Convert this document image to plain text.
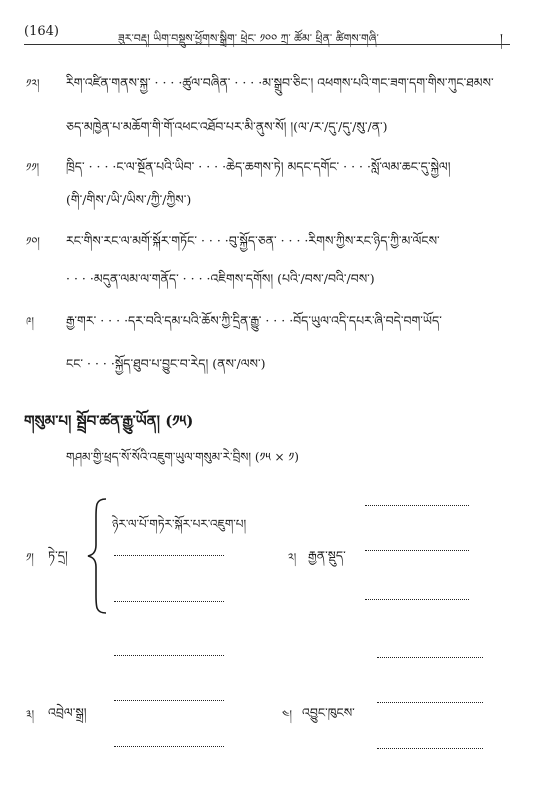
(164)	ཟུར་བརྡ། ཡིག་བསྡུས་ཕྱོགས་སྒྲིག་ ཕྲེང་ ༡༠༠ ཀྲ་ ཚོམ་ ཕྲིན་ ཚིགས་གཞི་	།
༡༢། རིག་འཛིན་གནས་སྐྱ་ · · · ·ཚུལ་བཞིན་ · · · ·མ་སྒྲུབ་ཅིང་། འཕགས་པའི་གང་ཟག་དག་གིས་ཀུང་ཐམས་
ཅད་མཁྱེན་པ་མཆོག་གི་གོ་འཕང་འཐོབ་པར་མི་ནུས་སོ། །(ལ་/ར་/དུ་/དུ་/སུ་/ན་)
༡༡། ཁྲིད་ · · · ·ང་ལ་སྔོན་པའི་ཡིབ་ · · · ·ཆེད་ཆགས་ཏེ། མདང་དགོང་ · · · ·སློ་ལམ་ཆང་དུ་སྐྱེལ།
(གི་/གིས་/ཡི་/ཡིས་/ཀྱི་/ཀྱིས་)
༡༠། རང་གིས་རང་ལ་མགོ་སྐོར་གཏོང་ · · · ·བུ་སྐྱོད་ཅན་ · · · ·རིགས་ཀྱིས་རང་ཉིད་ཀྱི་མ་ལོངས་
· · · ·མདུན་ལམ་ལ་གནོད་ · · · ·འཇིགས་དགོས། (པའི་/བས་/བའི་/བས་)
༩།	རྒྱ་གར་ · · · ·དར་བའི་དམ་པའི་ཆོས་ཀྱི་དྲིན་རྒྱུ་ · · · ·བོད་ཡུལ་འདི་དཔར་ཞི་བདེ་བག་ཡོད་
ངང་ · · · ·སྐྱོད་ཐུབ་པ་བྱུང་བ་རེད། (ནས་/ལས་)
གསུམ་པ། སྦྲོབ་ཚན་རྒྱུ་ཡོན། (༡༥)
གཤམ་གྱི་ཕྲད་སོ་སོའི་འཇུག་ཡུལ་གསུམ་རེ་བྲིས། (༡༥ × ༡)
༡། ཏེ་དྲ།
ཉེར་ལ་པོ་གཏེར་སྐོར་པར་འཇུག་པ།
༢། རྒྱན་སྡུད་
༣། འབྲེལ་སྒྲ།	༤། འབྱུང་ཁུངས་
